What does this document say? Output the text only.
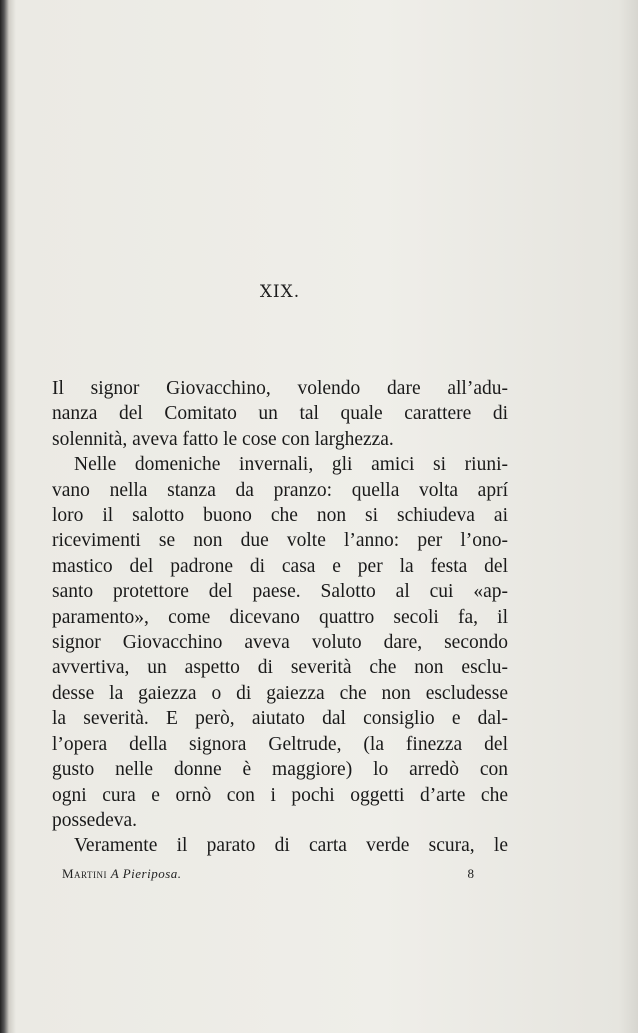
XIX.
Il signor Giovacchino, volendo dare all’adu-
nanza del Comitato un tal quale carattere di
solennità, aveva fatto le cose con larghezza.
Nelle domeniche invernali, gli amici si riuni-
vano nella stanza da pranzo: quella volta aprí
loro il salotto buono che non si schiudeva ai
ricevimenti se non due volte l’anno: per l’ono-
mastico del padrone di casa e per la festa del
santo protettore del paese. Salotto al cui «ap-
paramento», come dicevano quattro secoli fa, il
signor Giovacchino aveva voluto dare, secondo
avvertiva, un aspetto di severità che non esclu-
desse la gaiezza o di gaiezza che non escludesse
la severità. E però, aiutato dal consiglio e dal-
l’opera della signora Geltrude, (la finezza del
gusto nelle donne è maggiore) lo arredò con
ogni cura e ornò con i pochi oggetti d’arte che
possedeva.
Veramente il parato di carta verde scura, le
Martini A Pieriposa.	8
